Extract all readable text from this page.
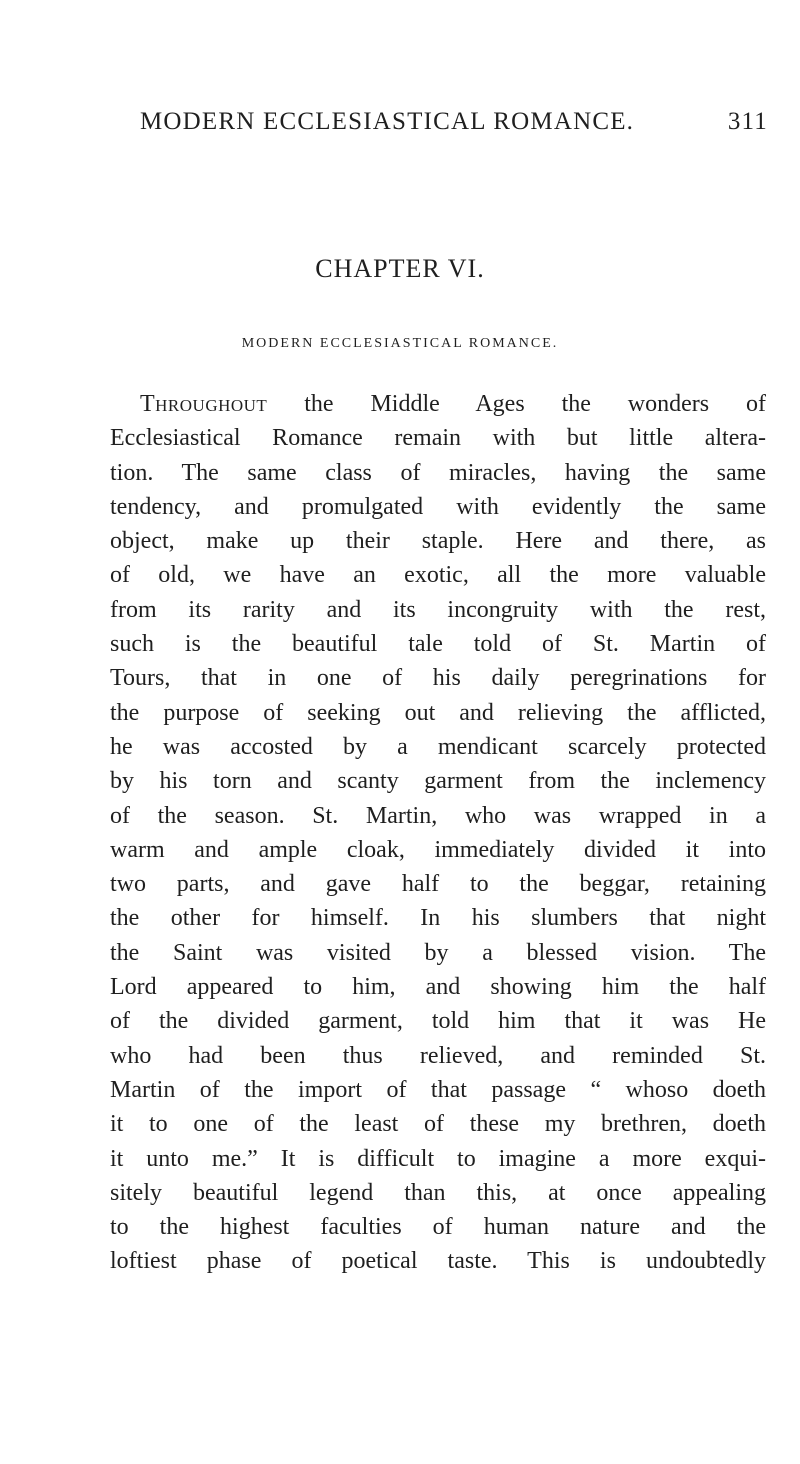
MODERN ECCLESIASTICAL ROMANCE.	311
CHAPTER VI.
MODERN ECCLESIASTICAL ROMANCE.
Throughout the Middle Ages the wonders of
Ecclesiastical Romance remain with but little altera-
tion. The same class of miracles, having the same
tendency, and promulgated with evidently the same
object, make up their staple. Here and there, as
of old, we have an exotic, all the more valuable
from its rarity and its incongruity with the rest,
such is the beautiful tale told of St. Martin of
Tours, that in one of his daily peregrinations for
the purpose of seeking out and relieving the afflicted,
he was accosted by a mendicant scarcely protected
by his torn and scanty garment from the inclemency
of the season. St. Martin, who was wrapped in a
warm and ample cloak, immediately divided it into
two parts, and gave half to the beggar, retaining
the other for himself. In his slumbers that night
the Saint was visited by a blessed vision. The
Lord appeared to him, and showing him the half
of the divided garment, told him that it was He
who had been thus relieved, and reminded St.
Martin of the import of that passage “ whoso doeth
it to one of the least of these my brethren, doeth
it unto me.” It is difficult to imagine a more exqui-
sitely beautiful legend than this, at once appealing
to the highest faculties of human nature and the
loftiest phase of poetical taste. This is undoubtedly
